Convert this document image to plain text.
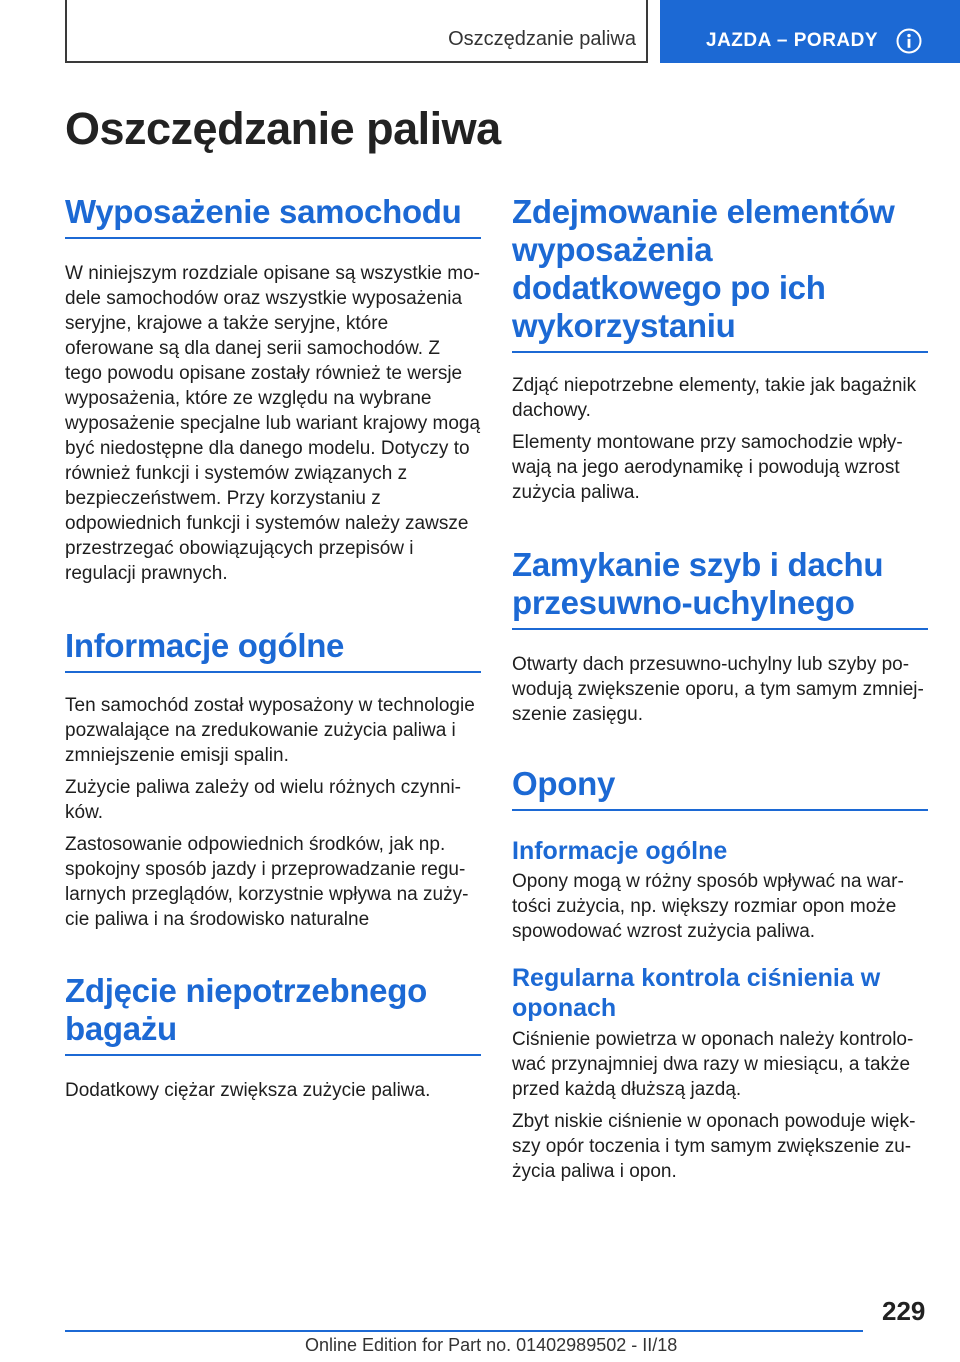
Oszczędzanie paliwa	JAZDA – PORADY
Oszczędzanie paliwa
Wyposażenie samochodu

W niniejszym rozdziale opisane są wszystkie modele samochodów oraz wszystkie wyposażenia seryjne, krajowe a także seryjne, które oferowane są dla danej serii samochodów. Z tego powodu opisane zostały również te wersje wyposażenia, które ze względu na wybrane wyposażenie specjalne lub wariant krajowy mogą być niedostępne dla danego modelu. Dotyczy to również funkcji i systemów związanych z bezpieczeństwem. Przy korzystaniu z odpowiednich funkcji i systemów należy zawsze przestrzegać obowiązujących przepisów i regulacji prawnych.

Informacje ogólne

Ten samochód został wyposażony w technologie pozwalające na zredukowanie zużycia paliwa i zmniejszenie emisji spalin.

Zużycie paliwa zależy od wielu różnych czynników.

Zastosowanie odpowiednich środków, jak np. spokojny sposób jazdy i przeprowadzanie regularnych przeglądów, korzystnie wpływa na zużycie paliwa i na środowisko naturalne

Zdjęcie niepotrzebnego bagażu

Dodatkowy ciężar zwiększa zużycie paliwa.

Zdejmowanie elementów wyposażenia dodatkowego po ich wykorzystaniu

Zdjąć niepotrzebne elementy, takie jak bagażnik dachowy.

Elementy montowane przy samochodzie wpływają na jego aerodynamikę i powodują wzrost zużycia paliwa.

Zamykanie szyb i dachu przesuwno-uchylnego

Otwarty dach przesuwno-uchylny lub szyby powodują zwiększenie oporu, a tym samym zmniejszenie zasięgu.

Opony
Informacje ogólne

Opony mogą w różny sposób wpływać na wartości zużycia, np. większy rozmiar opon może spowodować wzrost zużycia paliwa.

Regularna kontrola ciśnienia w oponach

Ciśnienie powietrza w oponach należy kontrolować przynajmniej dwa razy w miesiącu, a także przed każdą dłuższą jazdą.

Zbyt niskie ciśnienie w oponach powoduje większy opór toczenia i tym samym zwiększenie zużycia paliwa i opon.

229
Online Edition for Part no. 01402989502 - II/18
